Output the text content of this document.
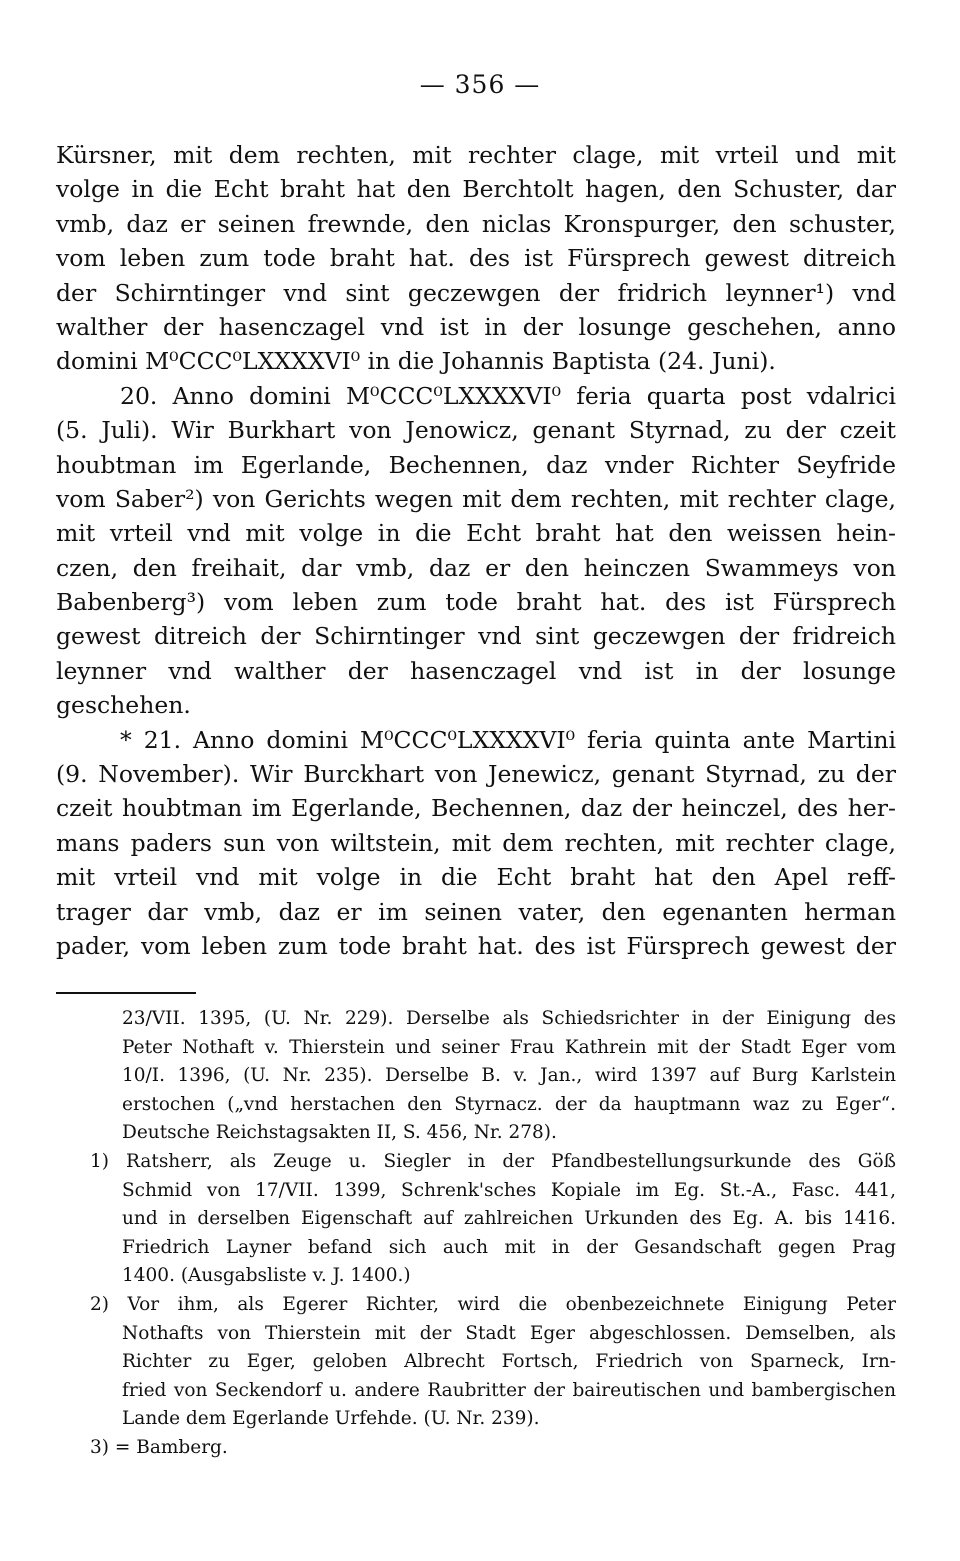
— 356 —
Kürsner, mit dem rechten, mit rechter clage, mit vrteil und mit
volge in die Echt braht hat den Berchtolt hagen, den Schuster, dar
vmb, daz er seinen frewnde, den niclas Kronspurger, den schuster,
vom leben zum tode braht hat. des ist Fürsprech gewest ditreich
der Schirntinger vnd sint geczewgen der fridrich leynner¹) vnd
walther der hasenczagel vnd ist in der losunge geschehen, anno
domini M⁰CCC⁰LXXXXVI⁰ in die Johannis Baptista (24. Juni).
20. Anno domini M⁰CCC⁰LXXXXVI⁰ feria quarta post vdalrici
(5. Juli). Wir Burkhart von Jenowicz, genant Styrnad, zu der czeit
houbtman im Egerlande, Bechennen, daz vnder Richter Seyfride
vom Saber²) von Gerichts wegen mit dem rechten, mit rechter clage,
mit vrteil vnd mit volge in die Echt braht hat den weissen hein-
czen, den freihait, dar vmb, daz er den heinczen Swammeys von
Babenberg³) vom leben zum tode braht hat. des ist Fürsprech
gewest ditreich der Schirntinger vnd sint geczewgen der fridreich
leynner vnd walther der hasenczagel vnd ist in der losunge
geschehen.
* 21. Anno domini M⁰CCC⁰LXXXXVI⁰ feria quinta ante Martini
(9. November). Wir Burckhart von Jenewicz, genant Styrnad, zu der
czeit houbtman im Egerlande, Bechennen, daz der heinczel, des her-
mans paders sun von wiltstein, mit dem rechten, mit rechter clage,
mit vrteil vnd mit volge in die Echt braht hat den Apel reff-
trager dar vmb, daz er im seinen vater, den egenanten herman
pader, vom leben zum tode braht hat. des ist Fürsprech gewest der
23/VII. 1395, (U. Nr. 229). Derselbe als Schiedsrichter in der Einigung des
Peter Nothaft v. Thierstein und seiner Frau Kathrein mit der Stadt Eger vom
10/I. 1396, (U. Nr. 235). Derselbe B. v. Jan., wird 1397 auf Burg Karlstein
erstochen („vnd herstachen den Styrnacz. der da hauptmann waz zu Eger“.
Deutsche Reichstagsakten II, S. 456, Nr. 278).
1) Ratsherr, als Zeuge u. Siegler in der Pfandbestellungsurkunde des Göß
Schmid von 17/VII. 1399, Schrenk'sches Kopiale im Eg. St.-A., Fasc. 441,
und in derselben Eigenschaft auf zahlreichen Urkunden des Eg. A. bis 1416.
Friedrich Layner befand sich auch mit in der Gesandschaft gegen Prag
1400. (Ausgabsliste v. J. 1400.)
2) Vor ihm, als Egerer Richter, wird die obenbezeichnete Einigung Peter
Nothafts von Thierstein mit der Stadt Eger abgeschlossen. Demselben, als
Richter zu Eger, geloben Albrecht Fortsch, Friedrich von Sparneck, Irn-
fried von Seckendorf u. andere Raubritter der baireutischen und bambergischen
Lande dem Egerlande Urfehde. (U. Nr. 239).
3) = Bamberg.
